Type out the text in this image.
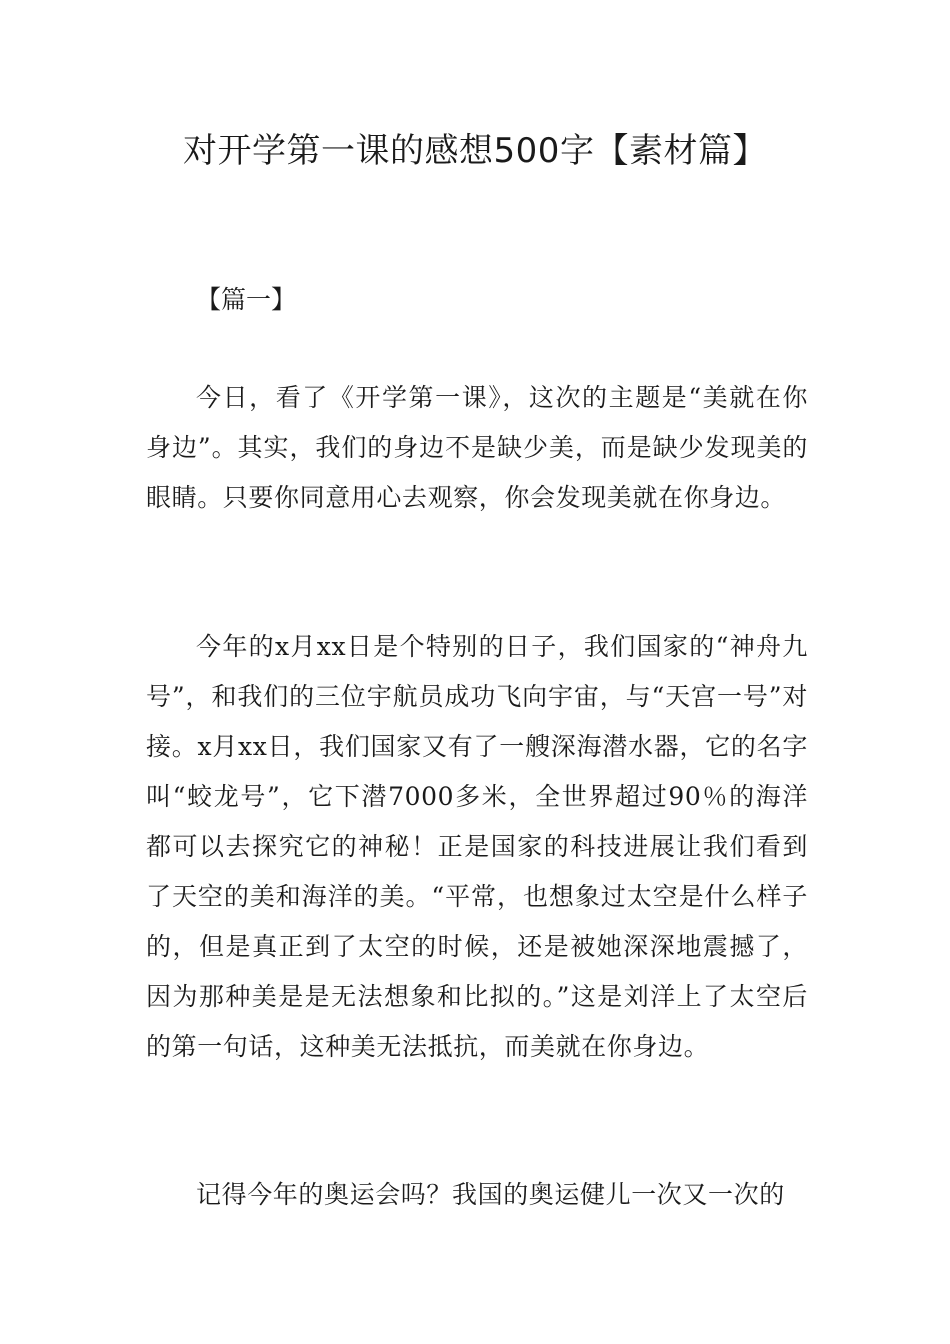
对开学第一课的感想500字【素材篇】

【篇一】

今日，看了《开学第一课》，这次的主题是“美就在你身边”。其实，我们的身边不是缺少美，而是缺少发现美的眼睛。只要你同意用心去观察，你会发现美就在你身边。

今年的x月xx日是个特别的日子，我们国家的“神舟九号”，和我们的三位宇航员成功飞向宇宙，与“天宫一号”对接。x月xx日，我们国家又有了一艘深海潜水器，它的名字叫“蛟龙号”，它下潜7000多米，全世界超过90％的海洋都可以去探究它的神秘！正是国家的科技进展让我们看到了天空的美和海洋的美。“平常，也想象过太空是什么样子的，但是真正到了太空的时候，还是被她深深地震撼了，因为那种美是是无法想象和比拟的。”这是刘洋上了太空后的第一句话，这种美无法抵抗，而美就在你身边。

记得今年的奥运会吗？我国的奥运健儿一次又一次的
